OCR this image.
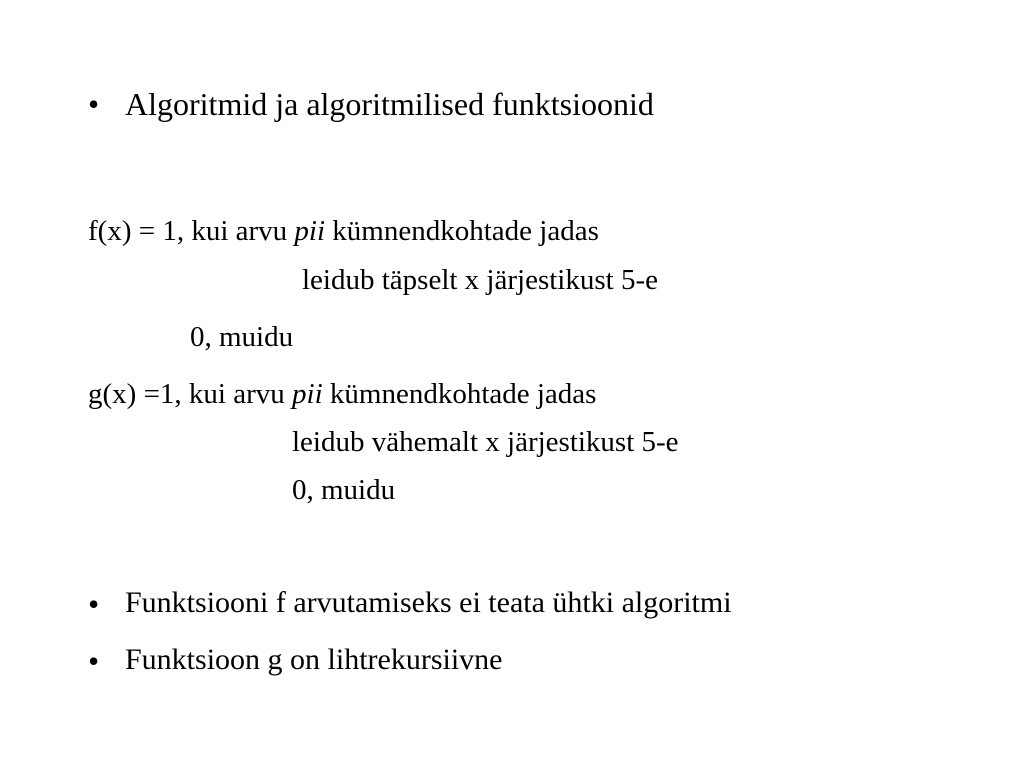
• Algoritmid ja algoritmilised funktsioonid
f(x) = 1, kui arvu pii kümnendkohtade jadas
leidub täpselt x järjestikust 5-e
0, muidu
g(x) =1, kui arvu pii kümnendkohtade jadas
leidub vähemalt x järjestikust 5-e
0, muidu
• Funktsiooni f arvutamiseks ei teata ühtki algoritmi
• Funktsioon g on lihtrekursiivne
